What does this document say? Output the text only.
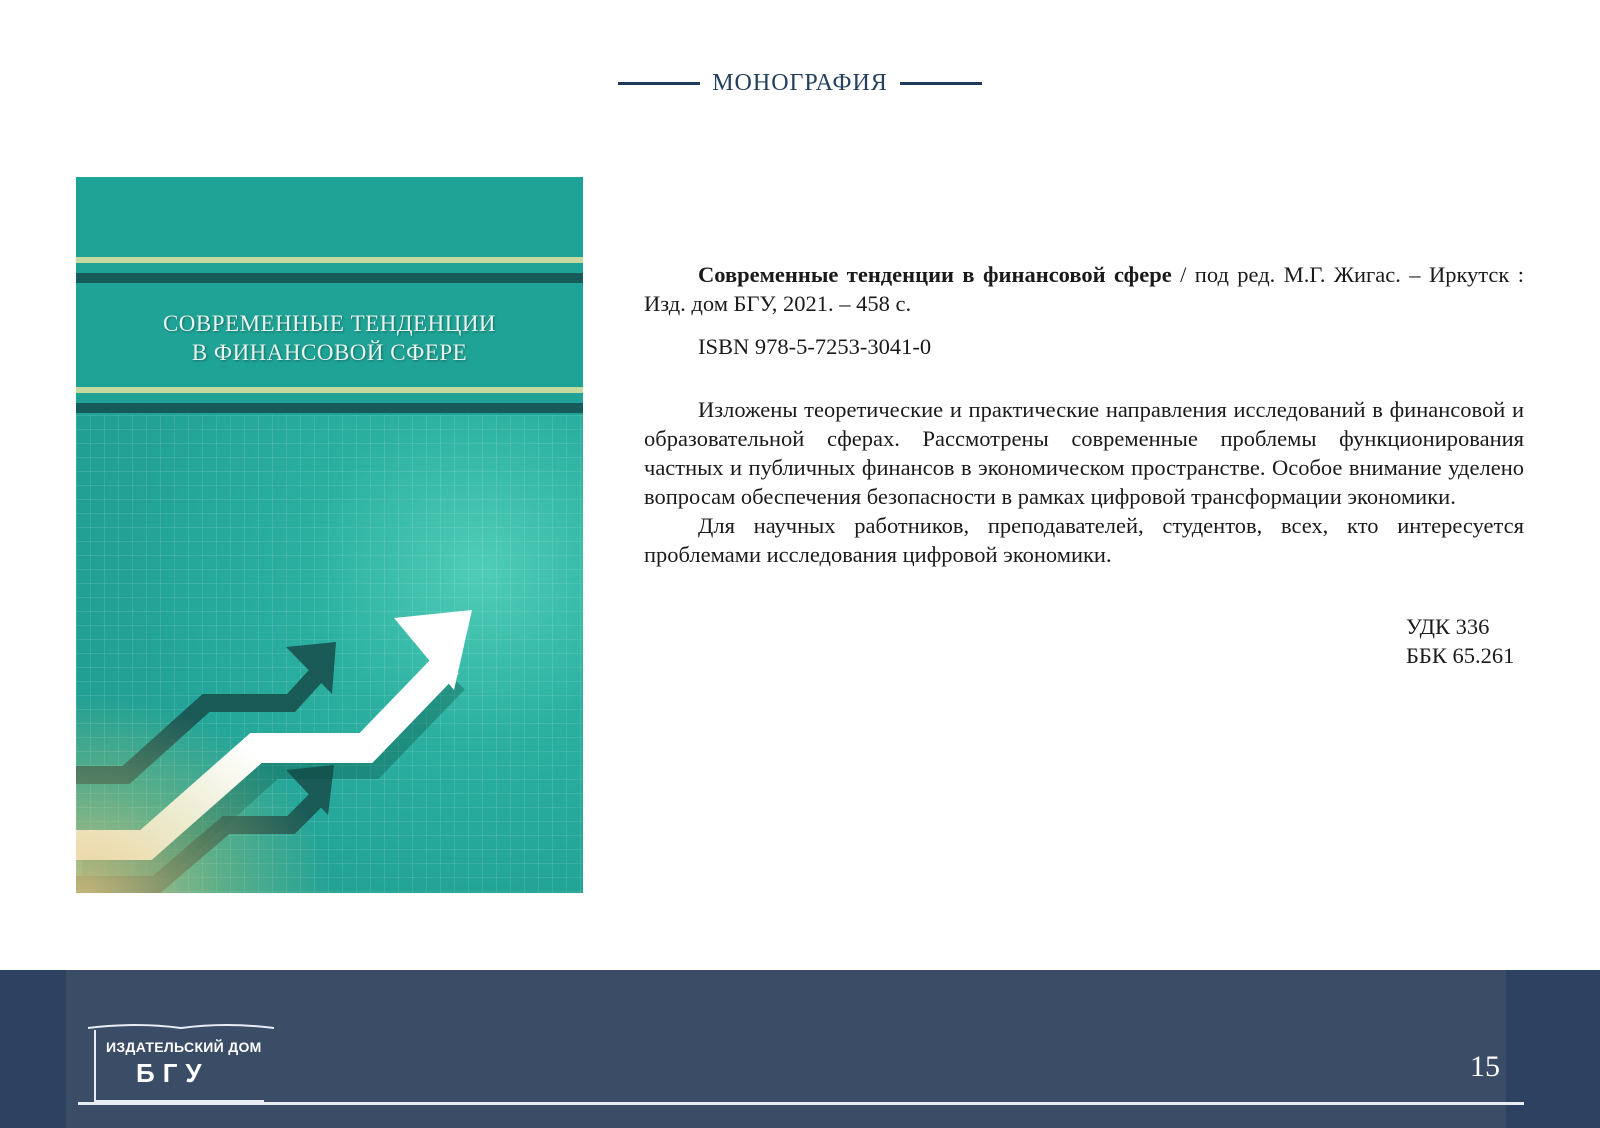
МОНОГРАФИЯ
СОВРЕМЕННЫЕ ТЕНДЕНЦИИ
В ФИНАНСОВОЙ СФЕРЕ

Современные тенденции в финансовой сфере / под ред. М.Г. Жигас. – Иркутск : Изд. дом БГУ, 2021. – 458 с.

ISBN 978-5-7253-3041-0

Изложены теоретические и практические направления исследований в финансовой и образовательной сферах. Рассмотрены современные проблемы функционирования частных и публичных финансов в экономическом пространстве. Особое внимание уделено вопросам обеспечения безопасности в рамках цифровой трансформации экономики.

Для научных работников, преподавателей, студентов, всех, кто интересуется проблемами исследования цифровой экономики.

УДК 336
ББК 65.261
ИЗДАТЕЛЬСКИЙ ДОМ
БГУ	15
